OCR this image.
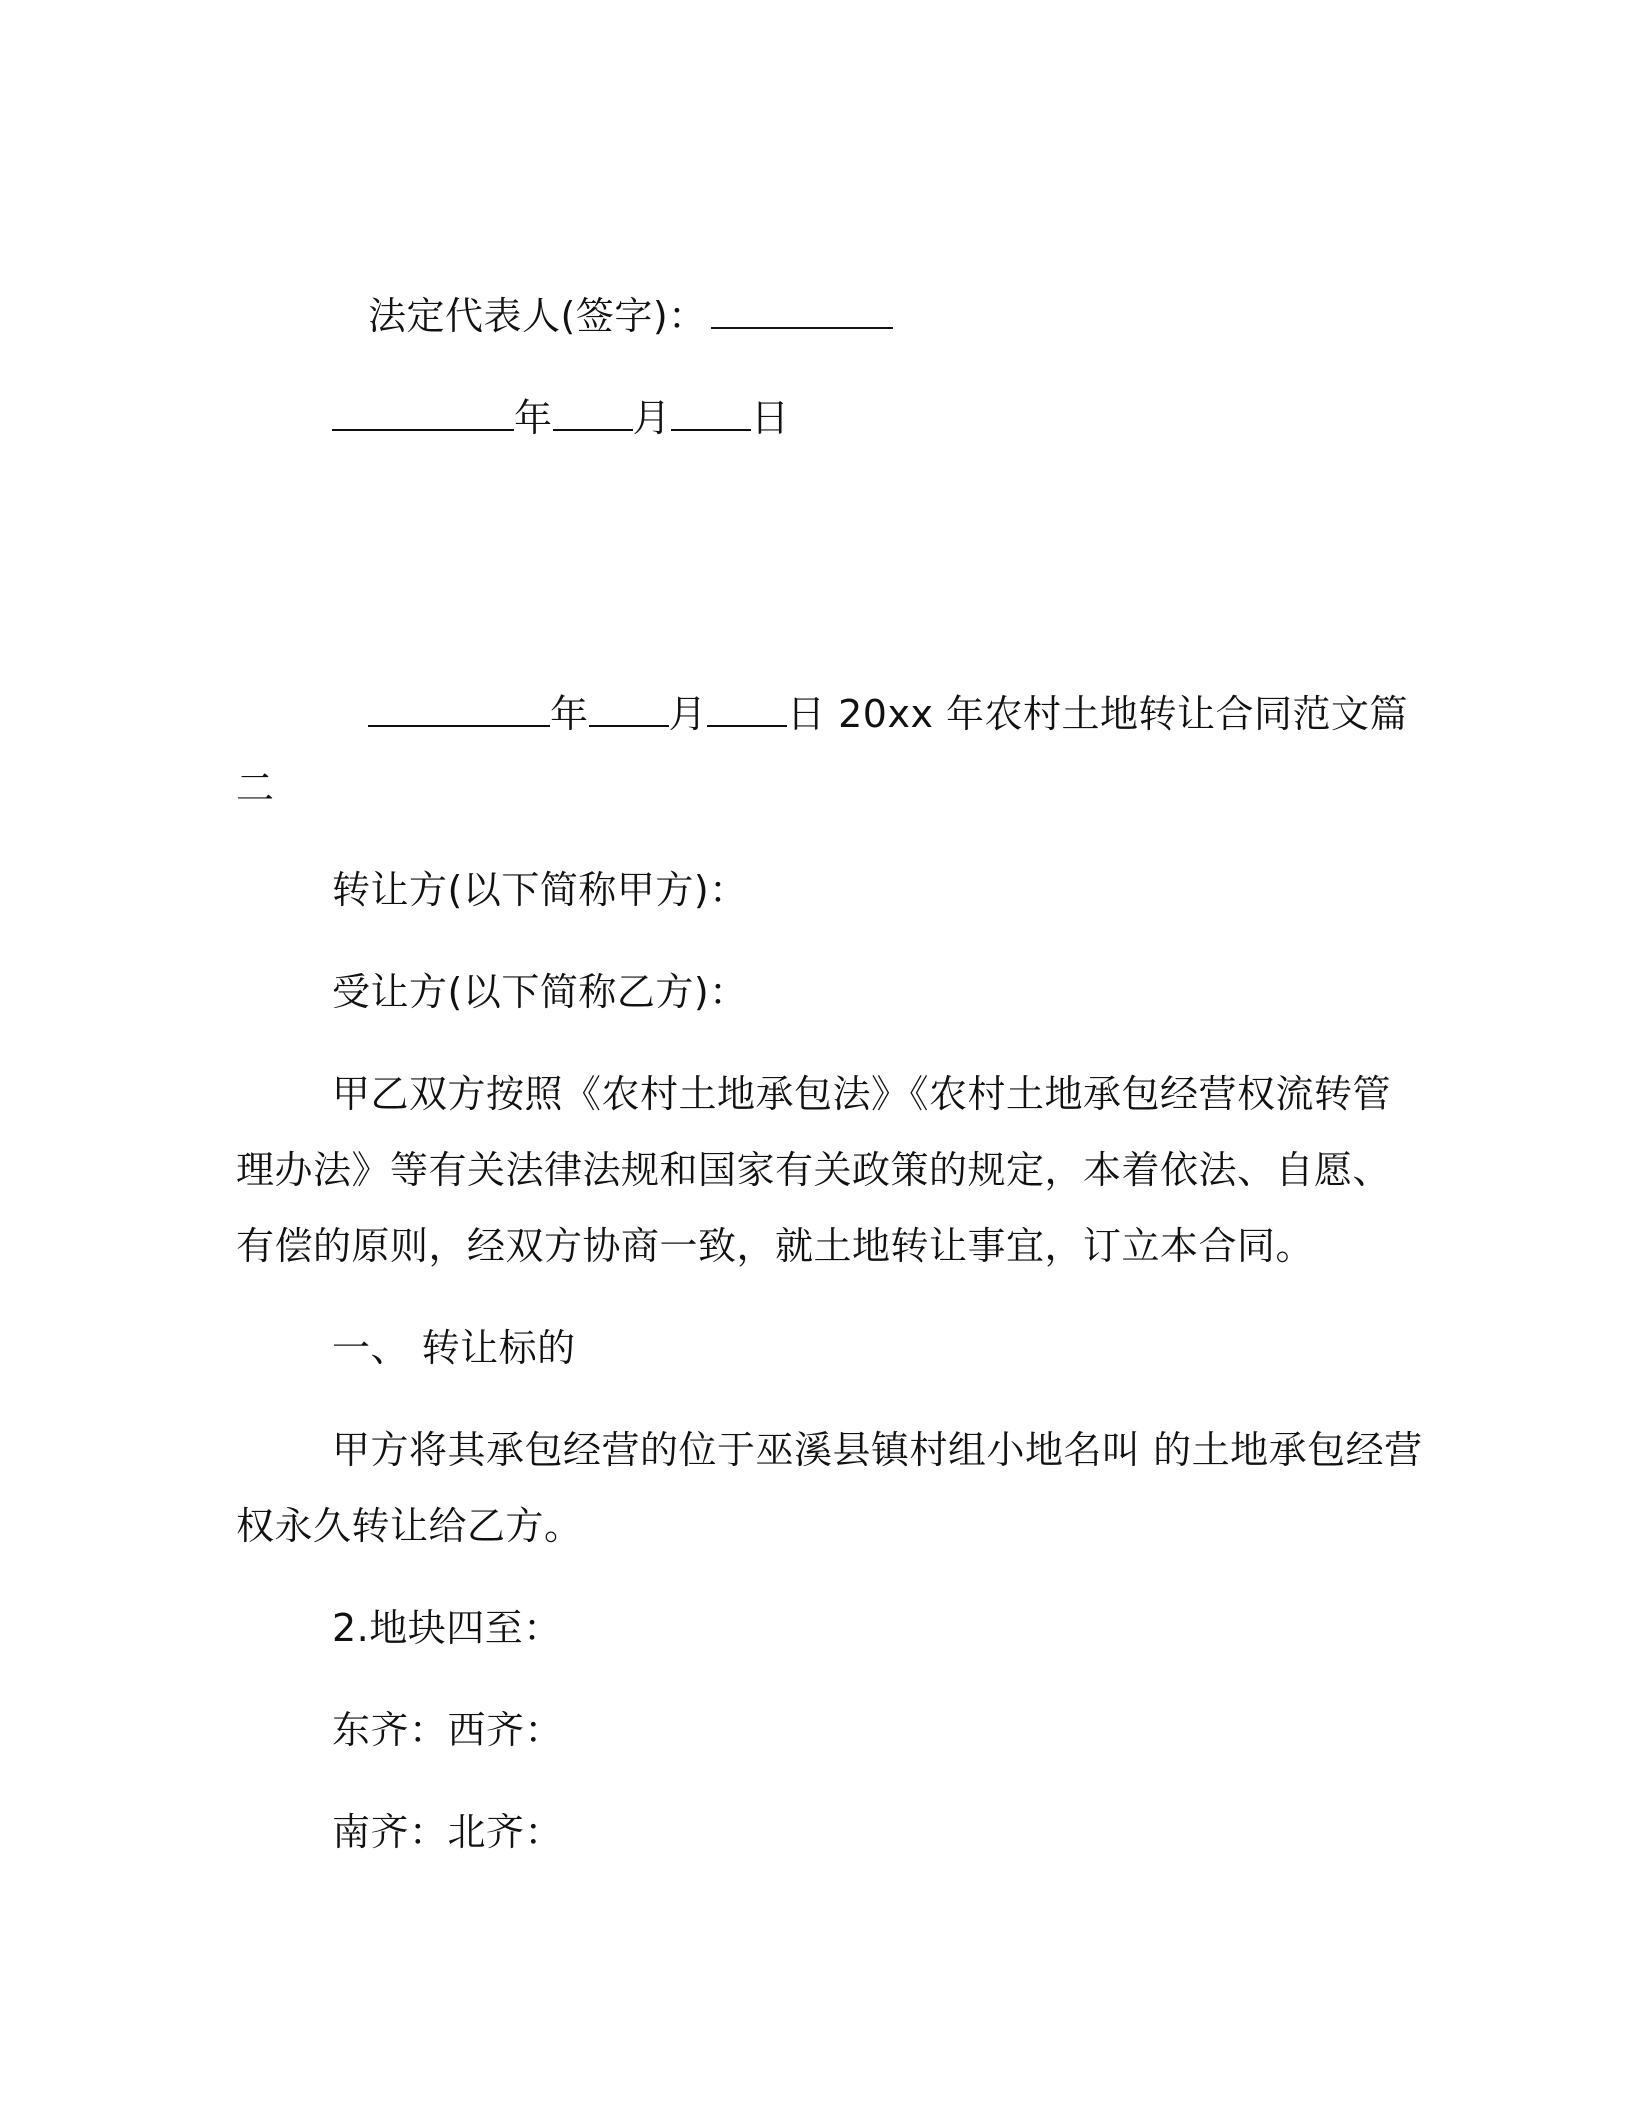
法定代表人(签字)：
年 月 日
年 月 日 20xx 年农村土地转让合同范文篇
二
转让方(以下简称甲方)：
受让方(以下简称乙方)：
甲乙双方按照《农村土地承包法》《农村土地承包经营权流转管
理办法》等有关法律法规和国家有关政策的规定，本着依法、自愿、
有偿的原则，经双方协商一致，就土地转让事宜，订立本合同。
一、 转让标的
甲方将其承包经营的位于巫溪县镇村组小地名叫 的土地承包经营
权永久转让给乙方。
2.地块四至：
东齐：西齐：
南齐：北齐：
